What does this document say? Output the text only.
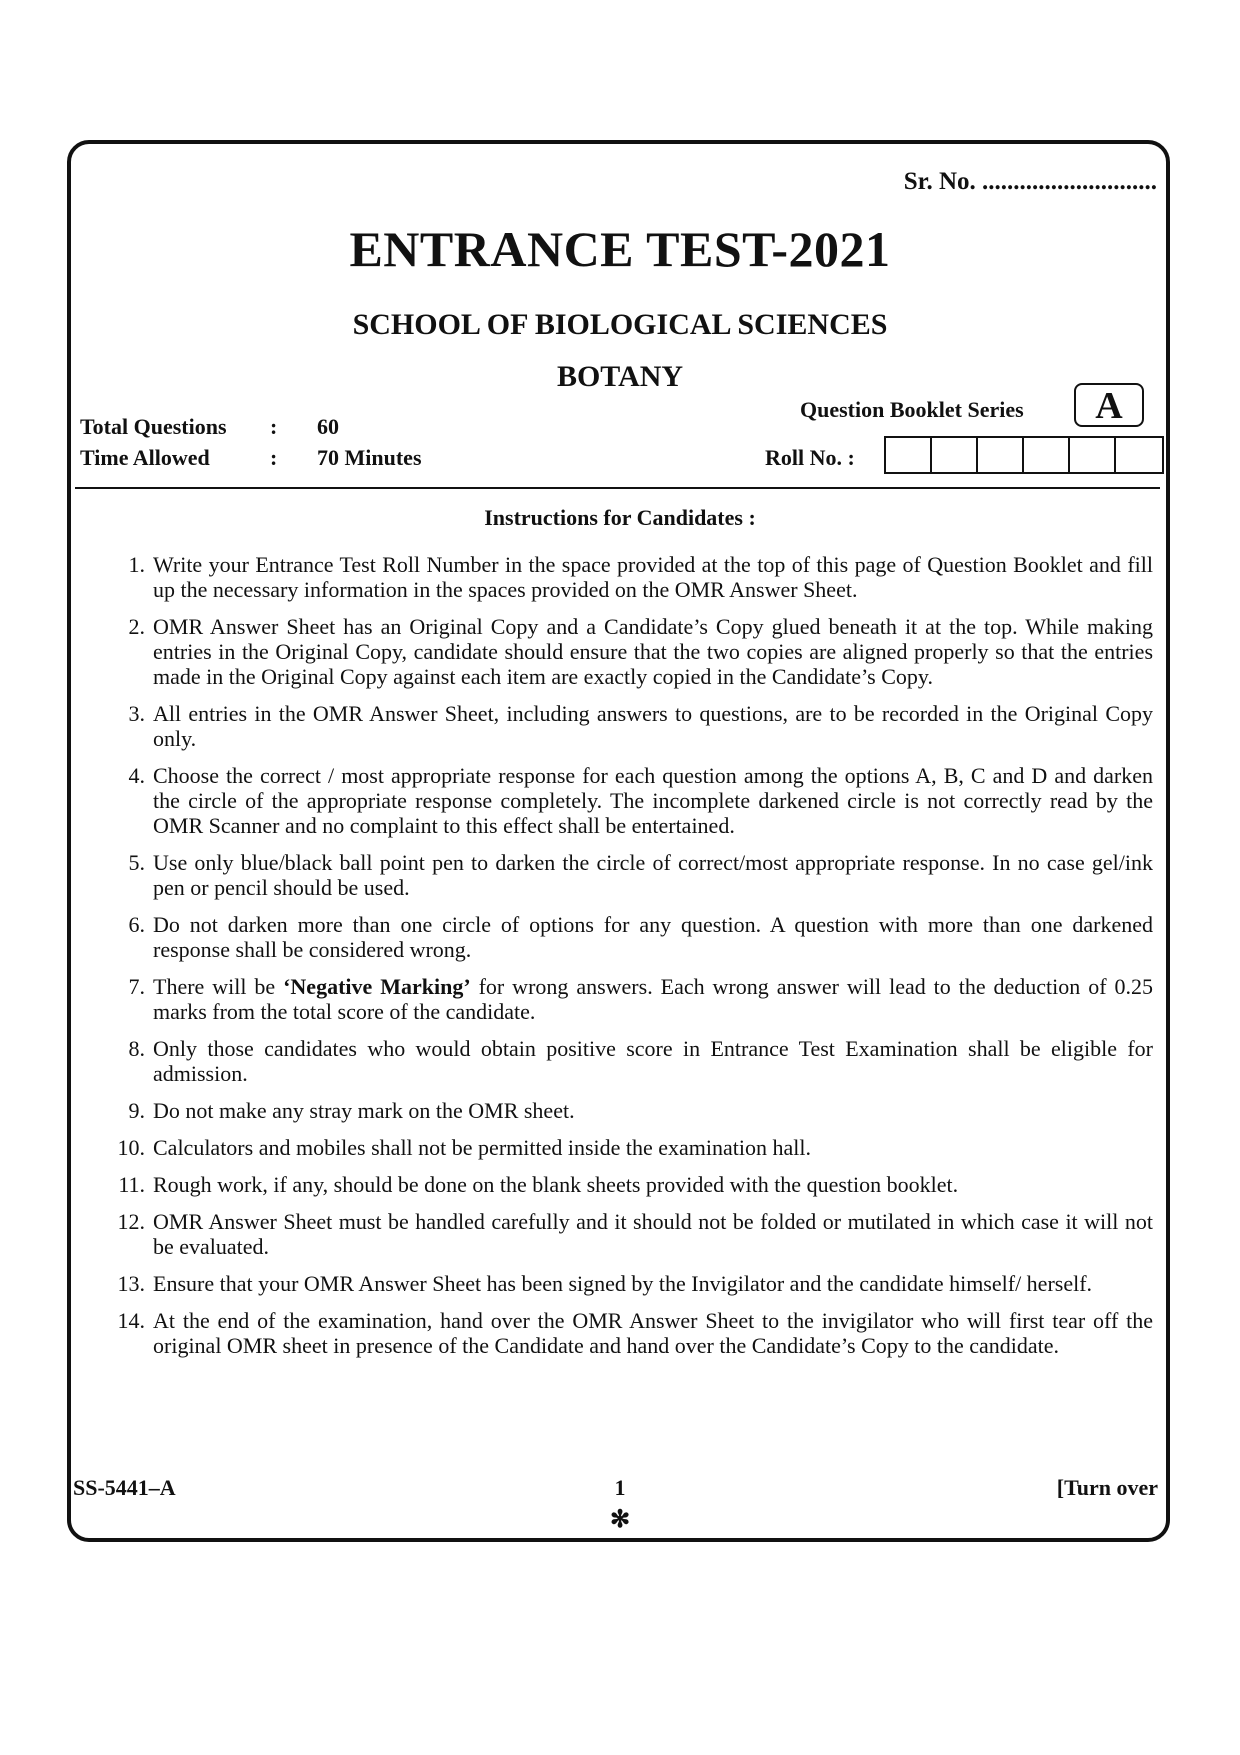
Sr. No. ............................
ENTRANCE TEST-2021
SCHOOL OF BIOLOGICAL SCIENCES
BOTANY
Total Questions : 60
Time Allowed	: 70 Minutes
Question Booklet Series	A
Roll No. :
Instructions for Candidates :
1. Write your Entrance Test Roll Number in the space provided at the top of this page of Question Booklet and fill up the necessary information in the spaces provided on the OMR Answer Sheet.
2. OMR Answer Sheet has an Original Copy and a Candidate’s Copy glued beneath it at the top. While making entries in the Original Copy, candidate should ensure that the two copies are aligned properly so that the entries made in the Original Copy against each item are exactly copied in the Candidate’s Copy.
3. All entries in the OMR Answer Sheet, including answers to questions, are to be recorded in the Original Copy only.
4. Choose the correct / most appropriate response for each question among the options A, B, C and D and darken the circle of the appropriate response completely. The incomplete darkened circle is not correctly read by the OMR Scanner and no complaint to this effect shall be entertained.
5. Use only blue/black ball point pen to darken the circle of correct/most appropriate response. In no case gel/ink pen or pencil should be used.
6. Do not darken more than one circle of options for any question. A question with more than one darkened response shall be considered wrong.
7. There will be ‘Negative Marking’ for wrong answers. Each wrong answer will lead to the deduction of 0.25 marks from the total score of the candidate.
8. Only those candidates who would obtain positive score in Entrance Test Examination shall be eligible for admission.
9. Do not make any stray mark on the OMR sheet.
10. Calculators and mobiles shall not be permitted inside the examination hall.
11. Rough work, if any, should be done on the blank sheets provided with the question booklet.
12. OMR Answer Sheet must be handled carefully and it should not be folded or mutilated in which case it will not be evaluated.
13. Ensure that your OMR Answer Sheet has been signed by the Invigilator and the candidate himself/ herself.
14. At the end of the examination, hand over the OMR Answer Sheet to the invigilator who will first tear off the original OMR sheet in presence of the Candidate and hand over the Candidate’s Copy to the candidate.
SS-5441–A	1
✻
[Turn over
